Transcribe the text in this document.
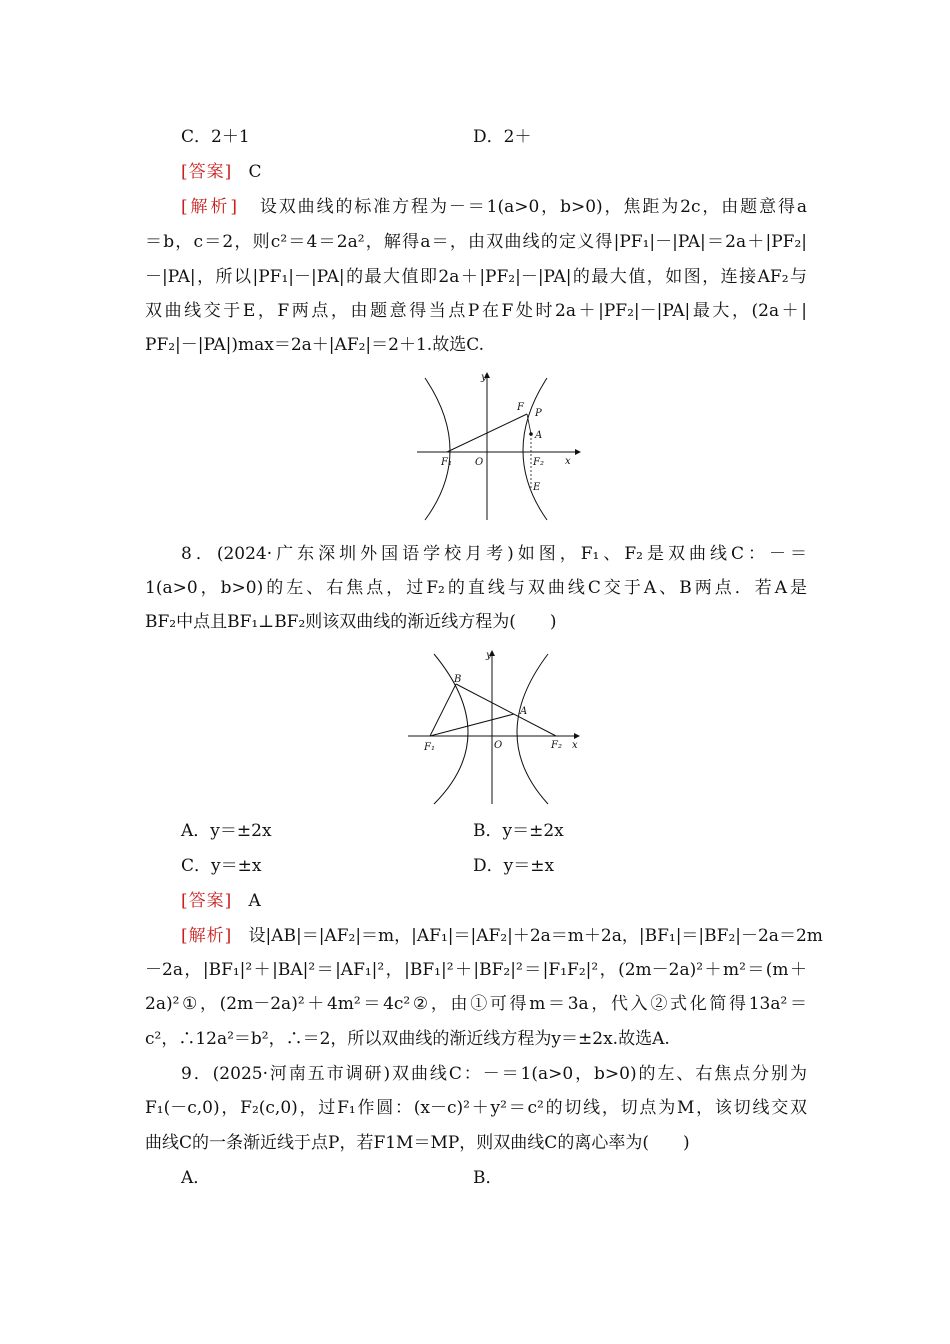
C．2＋1	D．2＋
[答案] C
[解析] 设双曲线的标准方程为－＝1(a>0，b>0)，焦距为2c，由题意得a
＝b，c＝2，则c²＝4＝2a²，解得a＝，由双曲线的定义得|PF₁|－|PA|＝2a＋|PF₂|
－|PA|，所以|PF₁|－|PA|的最大值即2a＋|PF₂|－|PA|的最大值，如图，连接AF₂与
双曲线交于E，F两点，由题意得当点P在F处时2a＋|PF₂|－|PA|最大，(2a＋|
PF₂|－|PA|)max＝2a＋|AF₂|＝2＋1.故选C.
y
F
P
A
F₁ O	F₂ x
E
8．(2024·广东深圳外国语学校月考)如图，F₁、F₂是双曲线C：－＝
1(a>0，b>0)的左、右焦点，过F₂的直线与双曲线C交于A、B两点．若A是
BF₂中点且BF₁⊥BF₂则该双曲线的渐近线方程为(　　)
y
B
A
F₁	O	F₂ x
A．y＝±2x	B．y＝±2x
C．y＝±x	D．y＝±x
[答案] A
[解析] 设|AB|＝|AF₂|＝m，|AF₁|＝|AF₂|＋2a＝m＋2a，|BF₁|＝|BF₂|－2a＝2m
－2a，|BF₁|²＋|BA|²＝|AF₁|²，|BF₁|²＋|BF₂|²＝|F₁F₂|²，(2m－2a)²＋m²＝(m＋
2a)²①，(2m－2a)²＋4m²＝4c²②，由①可得m＝3a，代入②式化简得13a²＝
c²，∴12a²＝b²，∴＝2，所以双曲线的渐近线方程为y＝±2x.故选A.
9．(2025·河南五市调研)双曲线C：－＝1(a>0，b>0)的左、右焦点分别为
F₁(－c,0)，F₂(c,0)，过F₁作圆：(x－c)²＋y²＝c²的切线，切点为M，该切线交双
曲线C的一条渐近线于点P，若F1M＝MP，则双曲线C的离心率为(　　)
A．	B．
